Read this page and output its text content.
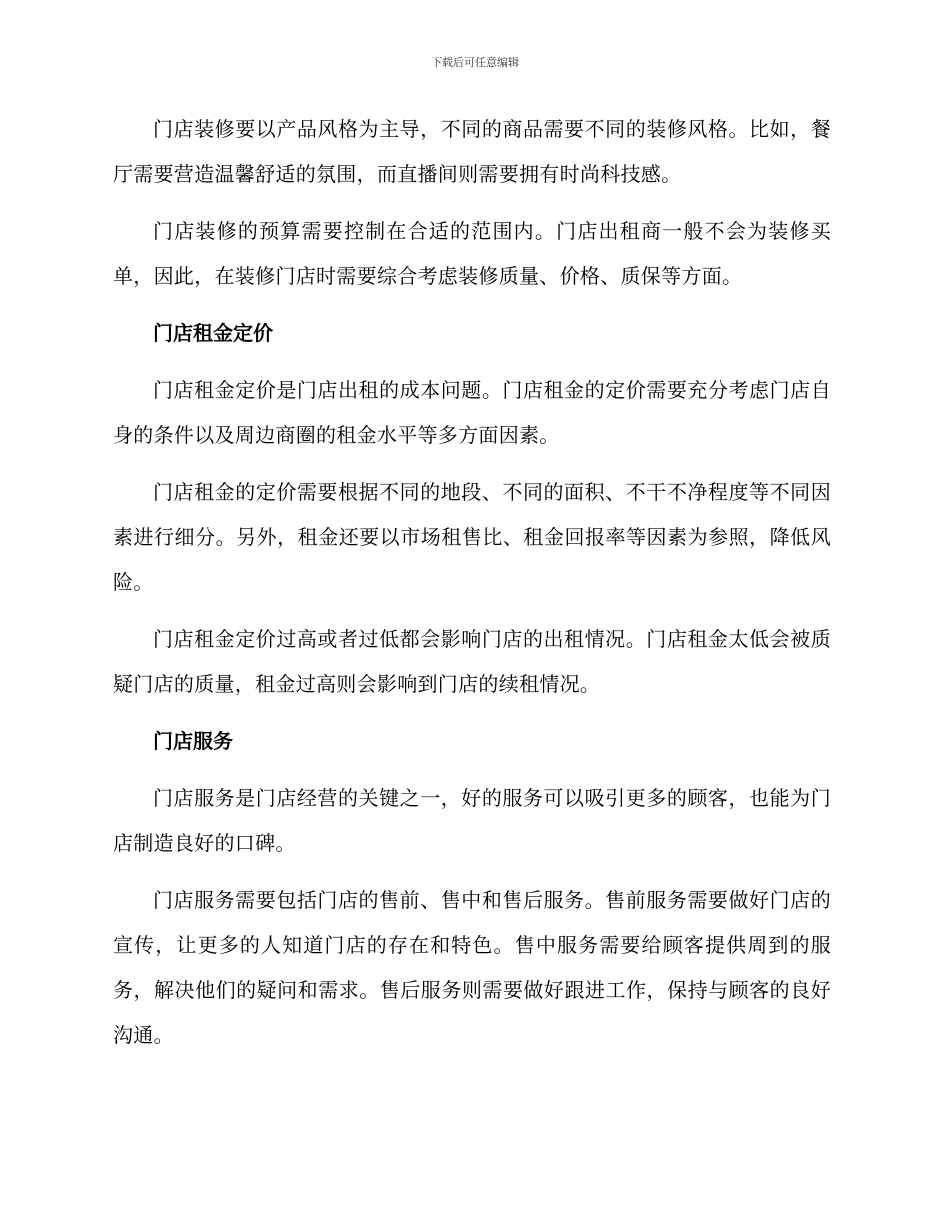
下载后可任意编辑

门店装修要以产品风格为主导，不同的商品需要不同的装修风格。比如，餐厅需要营造温馨舒适的氛围，而直播间则需要拥有时尚科技感。

门店装修的预算需要控制在合适的范围内。门店出租商一般不会为装修买单，因此，在装修门店时需要综合考虑装修质量、价格、质保等方面。

门店租金定价

门店租金定价是门店出租的成本问题。门店租金的定价需要充分考虑门店自身的条件以及周边商圈的租金水平等多方面因素。

门店租金的定价需要根据不同的地段、不同的面积、不干不净程度等不同因素进行细分。另外，租金还要以市场租售比、租金回报率等因素为参照，降低风险。

门店租金定价过高或者过低都会影响门店的出租情况。门店租金太低会被质疑门店的质量，租金过高则会影响到门店的续租情况。

门店服务

门店服务是门店经营的关键之一，好的服务可以吸引更多的顾客，也能为门店制造良好的口碑。

门店服务需要包括门店的售前、售中和售后服务。售前服务需要做好门店的宣传，让更多的人知道门店的存在和特色。售中服务需要给顾客提供周到的服务，解决他们的疑问和需求。售后服务则需要做好跟进工作，保持与顾客的良好沟通。
